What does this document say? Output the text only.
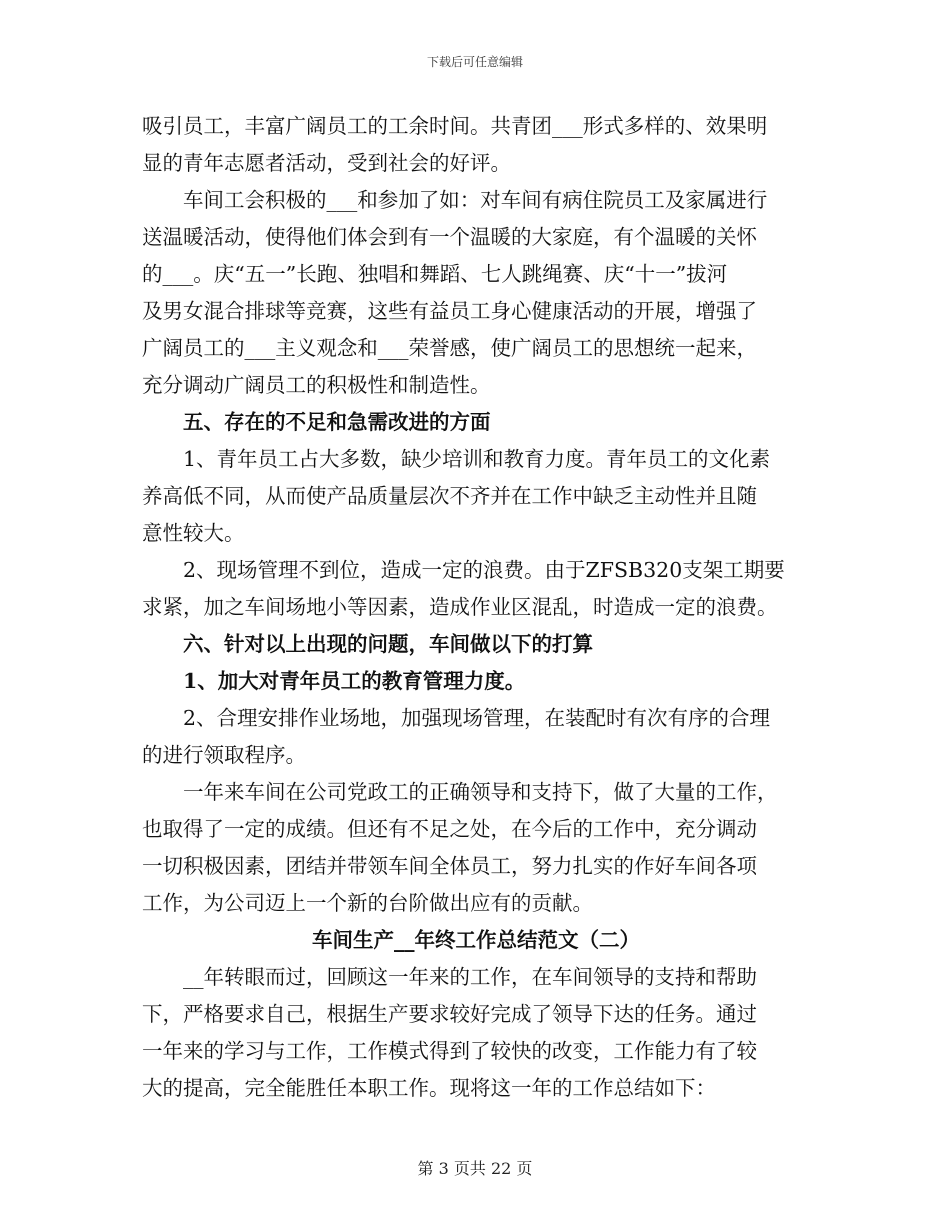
下载后可任意编辑

吸引员工，丰富广阔员工的工余时间。共青团___形式多样的、效果明

显的青年志愿者活动，受到社会的好评。

车间工会积极的___和参加了如：对车间有病住院员工及家属进行

送温暖活动，使得他们体会到有一个温暖的大家庭，有个温暖的关怀

的___。庆“五一”长跑、独唱和舞蹈、七人跳绳赛、庆“十一”拔河

及男女混合排球等竞赛，这些有益员工身心健康活动的开展，增强了

广阔员工的___主义观念和___荣誉感，使广阔员工的思想统一起来，

充分调动广阔员工的积极性和制造性。

五、存在的不足和急需改进的方面

1、青年员工占大多数，缺少培训和教育力度。青年员工的文化素

养高低不同，从而使产品质量层次不齐并在工作中缺乏主动性并且随

意性较大。

2、现场管理不到位，造成一定的浪费。由于ZFSB320支架工期要

求紧，加之车间场地小等因素，造成作业区混乱，时造成一定的浪费。

六、针对以上出现的问题，车间做以下的打算

1、加大对青年员工的教育管理力度。

2、合理安排作业场地，加强现场管理，在装配时有次有序的合理

的进行领取程序。

一年来车间在公司党政工的正确领导和支持下，做了大量的工作，

也取得了一定的成绩。但还有不足之处，在今后的工作中，充分调动

一切积极因素，团结并带领车间全体员工，努力扎实的作好车间各项

工作，为公司迈上一个新的台阶做出应有的贡献。

车间生产__年终工作总结范文（二）

__年转眼而过，回顾这一年来的工作，在车间领导的支持和帮助

下，严格要求自己，根据生产要求较好完成了领导下达的任务。通过

一年来的学习与工作，工作模式得到了较快的改变，工作能力有了较

大的提高，完全能胜任本职工作。现将这一年的工作总结如下：

第 3 页共 22 页
